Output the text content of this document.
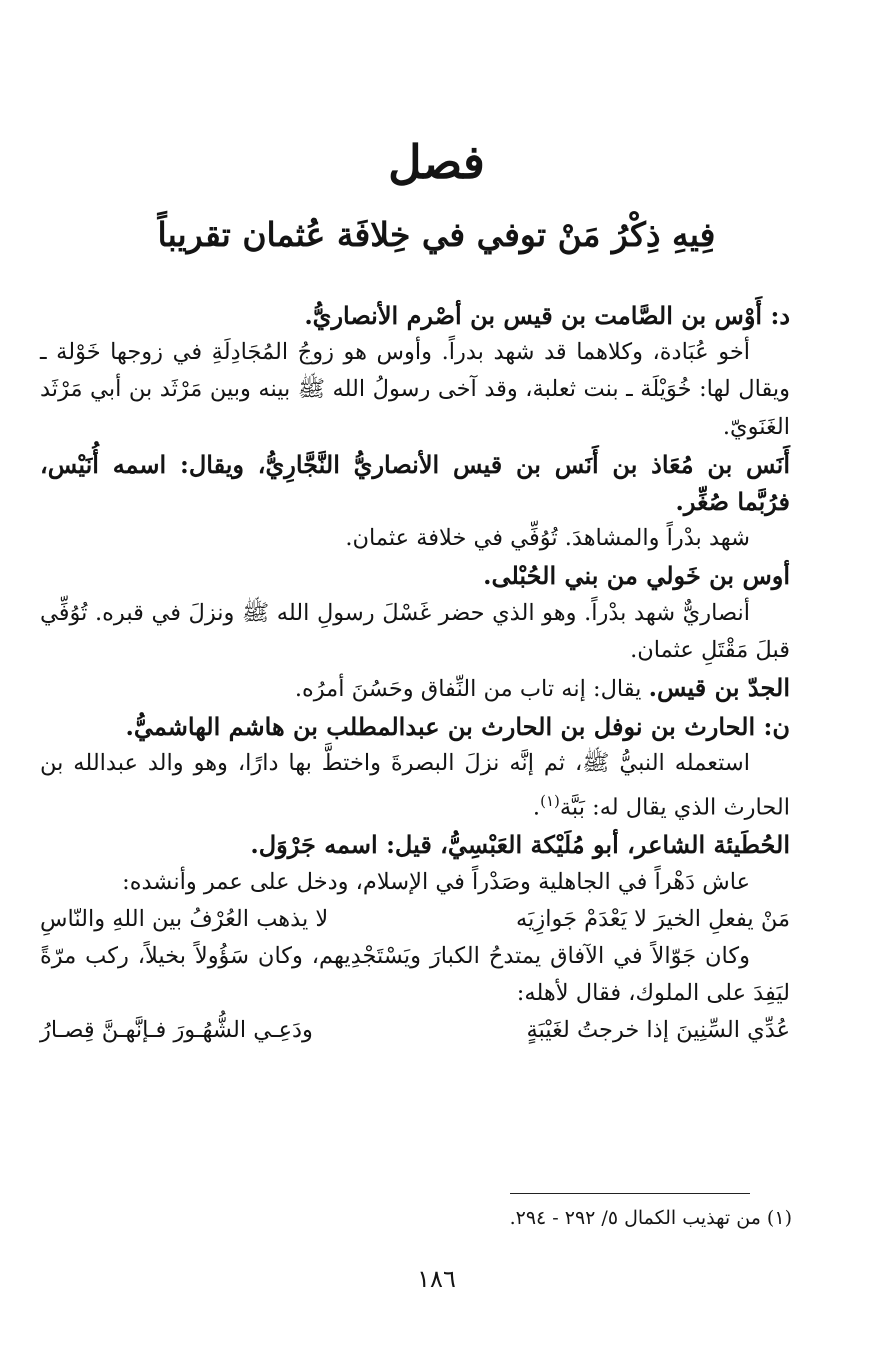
فصل
فِيهِ ذِكْرُ مَنْ توفي في خِلافَة عُثمان تقريباً

د: أَوْس بن الصَّامت بن قيس بن أصْرم الأنصاريُّ.

أخو عُبَادة، وكلاهما قد شهد بدراً. وأوس هو زوجُ المُجَادِلَةِ في زوجها خَوْلة ـ ويقال لها: خُوَيْلَة ـ بنت ثعلبة، وقد آخى رسولُ الله ﷺ بينه وبين مَرْثَد بن أبي مَرْثَد الغَنَويّ.

أَنَس بن مُعَاذ بن أَنَس بن قيس الأنصاريُّ النَّجَّارِيُّ، ويقال: اسمه أُنَيْس، فرُبَّما صُغِّر.

شهد بدْراً والمشاهدَ. تُوُفِّي في خلافة عثمان.

أوس بن خَولي من بني الحُبْلى.

أنصاريٌّ شهد بدْراً. وهو الذي حضر غَسْلَ رسولِ الله ﷺ ونزلَ في قبره. تُوُفِّي قبلَ مَقْتَلِ عثمان.

الجدّ بن قيس. يقال: إنه تاب من النِّفاق وحَسُنَ أمرُه.

ن: الحارث بن نوفل بن الحارث بن عبدالمطلب بن هاشم الهاشميُّ.

استعمله النبيُّ ﷺ، ثم إنَّه نزلَ البصرةَ واختطَّ بها دارًا، وهو والد عبدالله بن الحارث الذي يقال له: بَبَّة$^{(١)}$.

الحُطَيئة الشاعر، أبو مُلَيْكة العَبْسِيُّ، قيل: اسمه جَرْوَل.

عاش دَهْراً في الجاهلية وصَدْراً في الإسلام، ودخل على عمر وأنشده:

مَنْ يفعلِ الخيرَ لا يَعْدَمْ جَوازِيَه
لا يذهب العُرْفُ بين اللهِ والنّاسِ

وكان جَوّالاً في الآفاق يمتدحُ الكبارَ ويَسْتَجْدِيهم، وكان سَؤُولاً بخيلاً، ركب مرّةً ليَفِدَ على الملوك، فقال لأهله:

عُدِّي السِّنِينَ إذا خرجتُ لغَيْبَةٍ
ودَعِـي الشُّهُـورَ فـإنَّهـنَّ قِصـارُ
(١) من تهذيب الكمال ٥/ ٢٩٢ - ٢٩٤.
١٨٦
